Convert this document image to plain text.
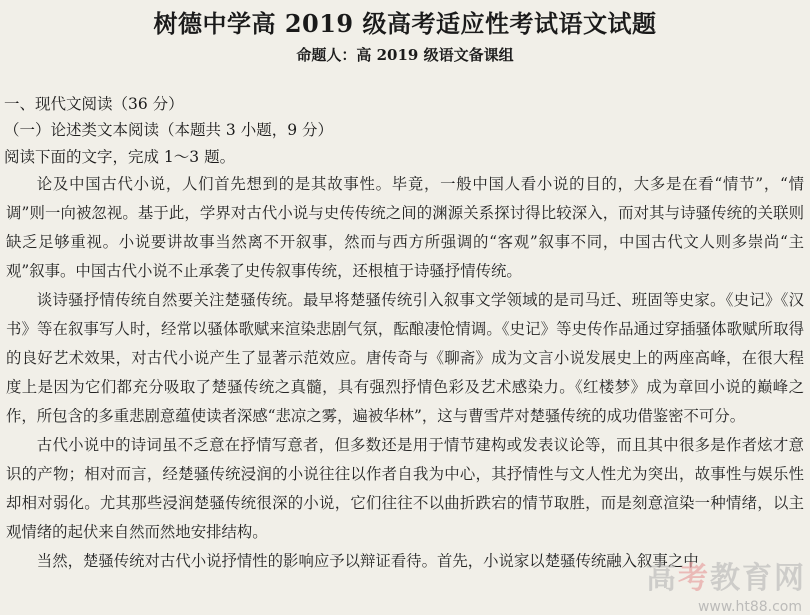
树德中学高 2019 级高考适应性考试语文试题
命题人：高 2019 级语文备课组
一、现代文阅读（36 分）
（一）论述类文本阅读（本题共 3 小题，9 分）
阅读下面的文字，完成 1～3 题。

论及中国古代小说，人们首先想到的是其故事性。毕竟，一般中国人看小说的目的，大多是在看“情节”，“情调”则一向被忽视。基于此，学界对古代小说与史传传统之间的渊源关系探讨得比较深入，而对其与诗骚传统的关联则缺乏足够重视。小说要讲故事当然离不开叙事，然而与西方所强调的“客观”叙事不同，中国古代文人则多崇尚“主观”叙事。中国古代小说不止承袭了史传叙事传统，还根植于诗骚抒情传统。

谈诗骚抒情传统自然要关注楚骚传统。最早将楚骚传统引入叙事文学领域的是司马迁、班固等史家。《史记》《汉书》等在叙事写人时，经常以骚体歌赋来渲染悲剧气氛，酝酿凄怆情调。《史记》等史传作品通过穿插骚体歌赋所取得的良好艺术效果，对古代小说产生了显著示范效应。唐传奇与《聊斋》成为文言小说发展史上的两座高峰，在很大程度上是因为它们都充分吸取了楚骚传统之真髓，具有强烈抒情色彩及艺术感染力。《红楼梦》成为章回小说的巅峰之作，所包含的多重悲剧意蕴使读者深感“悲凉之雾，遍被华林”，这与曹雪芹对楚骚传统的成功借鉴密不可分。

古代小说中的诗词虽不乏意在抒情写意者，但多数还是用于情节建构或发表议论等，而且其中很多是作者炫才意识的产物；相对而言，经楚骚传统浸润的小说往往以作者自我为中心，其抒情性与文人性尤为突出，故事性与娱乐性却相对弱化。尤其那些浸润楚骚传统很深的小说，它们往往不以曲折跌宕的情节取胜，而是刻意渲染一种情绪，以主观情绪的起伏来自然而然地安排结构。

当然，楚骚传统对古代小说抒情性的影响应予以辩证看待。首先，小说家以楚骚传统融入叙事之中

高考教育网
www.ht88.com
